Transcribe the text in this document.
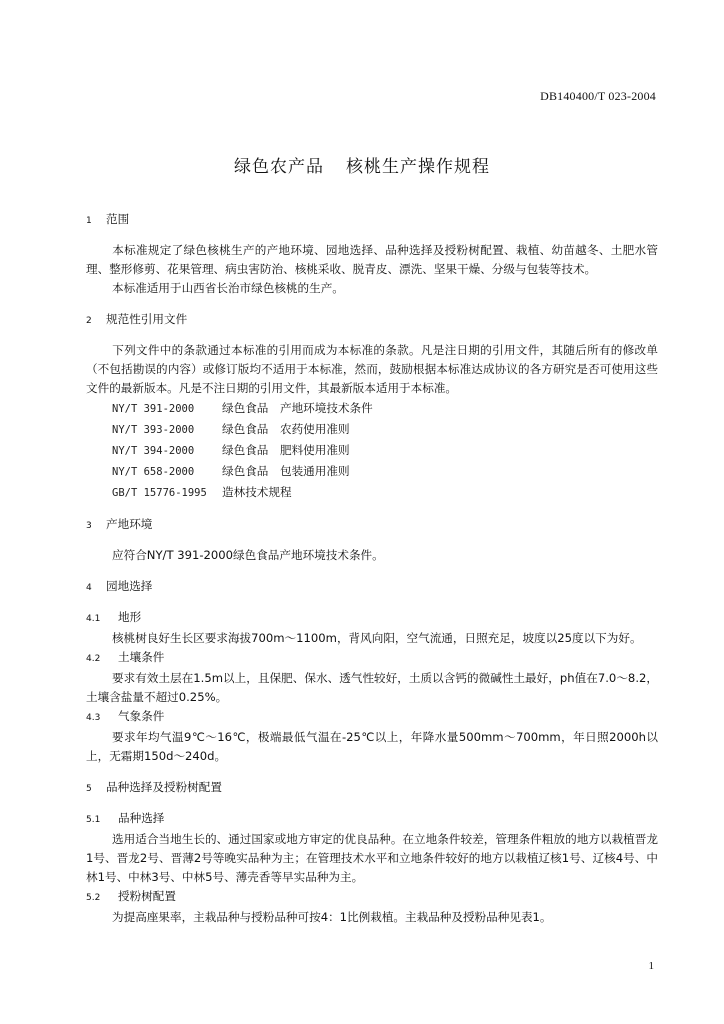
DB140400/T 023-2004
绿色农产品 核桃生产操作规程
1 范围

本标准规定了绿色核桃生产的产地环境、园地选择、品种选择及授粉树配置、栽植、幼苗越冬、土肥水管理、整形修剪、花果管理、病虫害防治、核桃采收、脱青皮、漂洗、坚果干燥、分级与包装等技术。

本标准适用于山西省长治市绿色核桃的生产。

2 规范性引用文件

下列文件中的条款通过本标准的引用而成为本标准的条款。凡是注日期的引用文件，其随后所有的修改单（不包括勘误的内容）或修订版均不适用于本标准，然而，鼓励根据本标准达成协议的各方研究是否可使用这些文件的最新版本。凡是不注日期的引用文件，其最新版本适用于本标准。

NY/T 391-2000 绿色食品　产地环境技术条件
NY/T 393-2000 绿色食品　农药使用准则
NY/T 394-2000 绿色食品　肥料使用准则
NY/T 658-2000 绿色食品　包装通用准则
GB/T 15776-1995 造林技术规程
3 产地环境

应符合NY/T 391-2000绿色食品产地环境技术条件。

4 园地选择
4.1 地形

核桃树良好生长区要求海拔700m～1100m，背风向阳，空气流通，日照充足，坡度以25度以下为好。

4.2 土壤条件

要求有效土层在1.5m以上，且保肥、保水、透气性较好，土质以含钙的微碱性土最好，ph值在7.0～8.2，土壤含盐量不超过0.25%。

4.3 气象条件

要求年均气温9℃～16℃，极端最低气温在-25℃以上，年降水量500mm～700mm，年日照2000h以上，无霜期150d～240d。

5 品种选择及授粉树配置
5.1 品种选择

选用适合当地生长的、通过国家或地方审定的优良品种。在立地条件较差，管理条件粗放的地方以栽植晋龙1号、晋龙2号、晋薄2号等晚实品种为主；在管理技术水平和立地条件较好的地方以栽植辽核1号、辽核4号、中林1号、中林3号、中林5号、薄壳香等早实品种为主。

5.2 授粉树配置

为提高座果率，主栽品种与授粉品种可按4：1比例栽植。主栽品种及授粉品种见表1。

1
